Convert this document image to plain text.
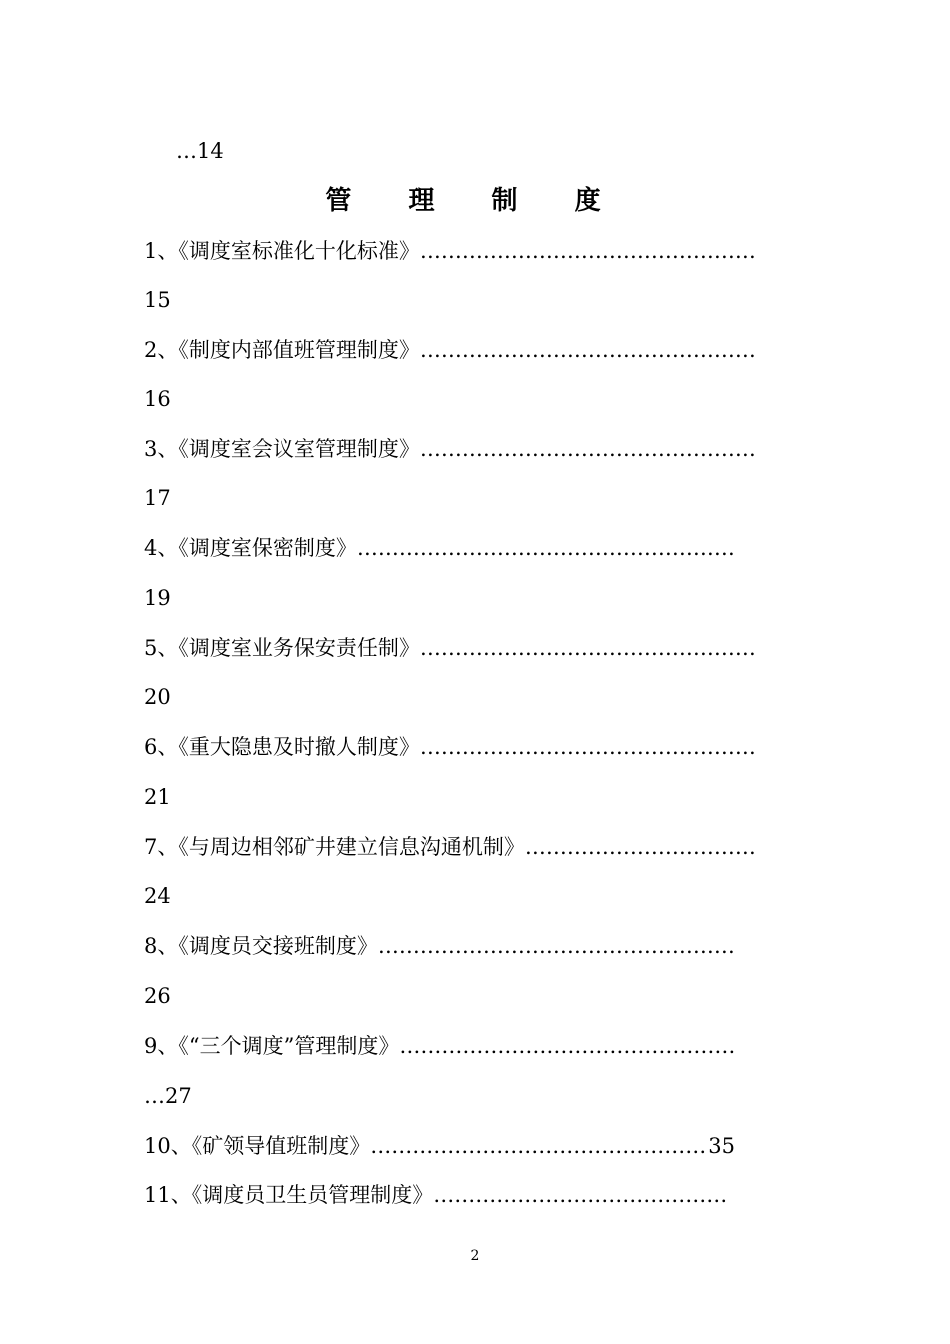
…14
管 理 制 度
1、《调度室标准化十化标准》…………………………………………
15
2、《制度内部值班管理制度》…………………………………………
16
3、《调度室会议室管理制度》…………………………………………
17
4、《调度室保密制度》………………………………………………
19
5、《调度室业务保安责任制》…………………………………………
20
6、《重大隐患及时撤人制度》…………………………………………
21
7、《与周边相邻矿井建立信息沟通机制》……………………………
24
8、《调度员交接班制度》……………………………………………
26
9、《“三个调度”管理制度》…………………………………………
…27
10、《矿领导值班制度》…………………………………………35
11、《调度员卫生员管理制度》……………………………………
2
